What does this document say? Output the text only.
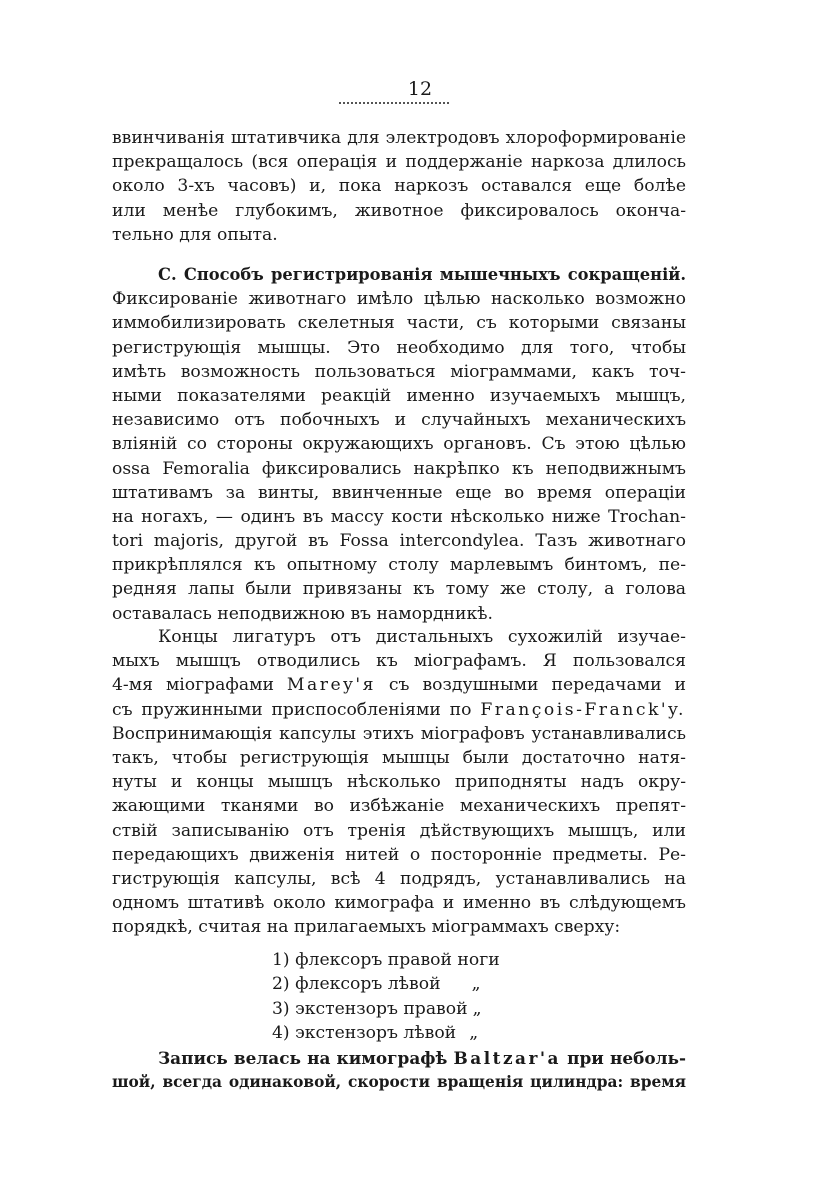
12
ввинчиванія штативчика для электродовъ хлороформированіе
прекращалось (вся операція и поддержаніе наркоза длилось
около 3-хъ часовъ) и, пока наркозъ оставался еще болѣе
или менѣе глубокимъ, животное фиксировалось оконча-
тельно для опыта.
С. Способъ регистрированія мышечныхъ сокращеній.
Фиксированіе животнаго имѣло цѣлью насколько возможно
иммобилизировать скелетныя части, съ которыми связаны
региструющія мышцы. Это необходимо для того, чтобы
имѣть возможность пользоваться міограммами, какъ точ-
ными показателями реакцій именно изучаемыхъ мышцъ,
независимо отъ побочныхъ и случайныхъ механическихъ
вліяній со стороны окружающихъ органовъ. Съ этою цѣлью
ossa Femoralia фиксировались накрѣпко къ неподвижнымъ
штативамъ за винты, ввинченные еще во время операціи
на ногахъ, — одинъ въ массу кости нѣсколько ниже Trochan-
tori majoris, другой въ Fossa intercondylea. Тазъ животнаго
прикрѣплялся къ опытному столу марлевымъ бинтомъ, пе-
редняя лапы были привязаны къ тому же столу, а голова
оставалась неподвижною въ намордникѣ.
Концы лигатуръ отъ дистальныхъ сухожилій изучае-
мыхъ мышцъ отводились къ міографамъ. Я пользовался
4-мя міографами Marey'я съ воздушными передачами и
съ пружинными приспособленіями по François-Franck'y.
Воспринимающія капсулы этихъ міографовъ устанавливались
такъ, чтобы региструющія мышцы были достаточно натя-
нуты и концы мышцъ нѣсколько приподняты надъ окру-
жающими тканями во избѣжаніе механическихъ препят-
ствій записыванію отъ тренія дѣйствующихъ мышцъ, или
передающихъ движенія нитей о посторонніе предметы. Ре-
гиструющія капсулы, всѣ 4 подрядъ, устанавливались на
одномъ штативѣ около кимографа и именно въ слѣдующемъ
порядкѣ, считая на прилагаемыхъ міограммахъ сверху:
1) флексоръ правой ноги
2) флексоръ лѣвой „
3) экстензоръ правой „
4) экстензоръ лѣвой „
Запись велась на кимографѣ Baltzar'a при неболь-
шой, всегда одинаковой, скорости вращенія цилиндра: время
